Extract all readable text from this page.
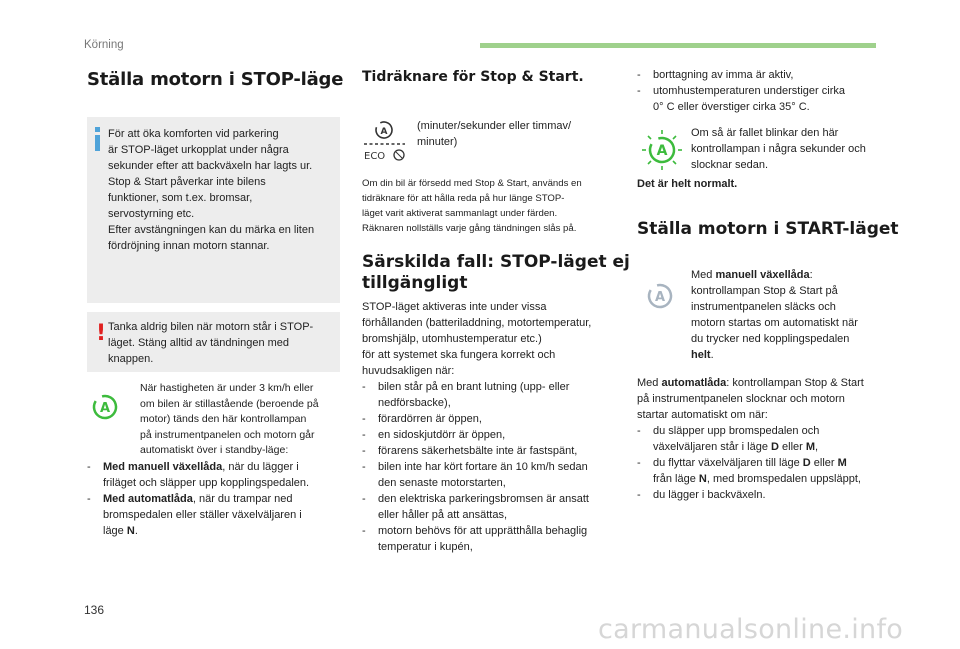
Körning
Ställa motorn i STOP-läge
För att öka komforten vid parkering
är STOP-läget urkopplat under några
sekunder efter att backväxeln har lagts ur.
Stop & Start påverkar inte bilens
funktioner, som t.ex. bromsar,
servostyrning etc.
Efter avstängningen kan du märka en liten
fördröjning innan motorn stannar.
! Tanka aldrig bilen när motorn står i STOP-
läget. Stäng alltid av tändningen med
knappen.
A
När hastigheten är under 3 km/h eller
om bilen är stillastående (beroende på
motor) tänds den här kontrollampan
på instrumentpanelen och motorn går
automatiskt över i standby-läge:
- Med manuell växellåda, när du lägger i
friläget och släpper upp kopplingspedalen.
- Med automatlåda, när du trampar ned
bromspedalen eller ställer växelväljaren i
läge N.
Tidräknare för Stop & Start.
A
ECO
(minuter/sekunder eller timmav/
minuter)
Om din bil är försedd med Stop & Start, används en
tidräknare för att hålla reda på hur länge STOP-
läget varit aktiverat sammanlagt under färden.
Räknaren nollställs varje gång tändningen slås på.
Särskilda fall: STOP-läget ej
tillgängligt
STOP-läget aktiveras inte under vissa
förhållanden (batteriladdning, motortemperatur,
bromshjälp, utomhustemperatur etc.)
för att systemet ska fungera korrekt och
huvudsakligen när:
- bilen står på en brant lutning (upp- eller
nedförsbacke),
- förardörren är öppen,
- en sidoskjutdörr är öppen,
- förarens säkerhetsbälte inte är fastspänt,
- bilen inte har kört fortare än 10 km/h sedan
den senaste motorstarten,
- den elektriska parkeringsbromsen är ansatt
eller håller på att ansättas,
- motorn behövs för att upprätthålla behaglig
temperatur i kupén,
- borttagning av imma är aktiv,
- utomhustemperaturen understiger cirka
0° C eller överstiger cirka 35° C.
A
Om så är fallet blinkar den här
kontrollampan i några sekunder och
slocknar sedan.
Det är helt normalt.
Ställa motorn i START-läget
A
Med manuell växellåda:
kontrollampan Stop & Start på
instrumentpanelen släcks och
motorn startas om automatiskt när
du trycker ned kopplingspedalen
helt.
Med automatlåda: kontrollampan Stop & Start
på instrumentpanelen slocknar och motorn
startar automatiskt om när:
- du släpper upp bromspedalen och
växelväljaren står i läge D eller M,
- du flyttar växelväljaren till läge D eller M
från läge N, med bromspedalen uppsläppt,
- du lägger i backväxeln.
136
carmanualsonline.info
